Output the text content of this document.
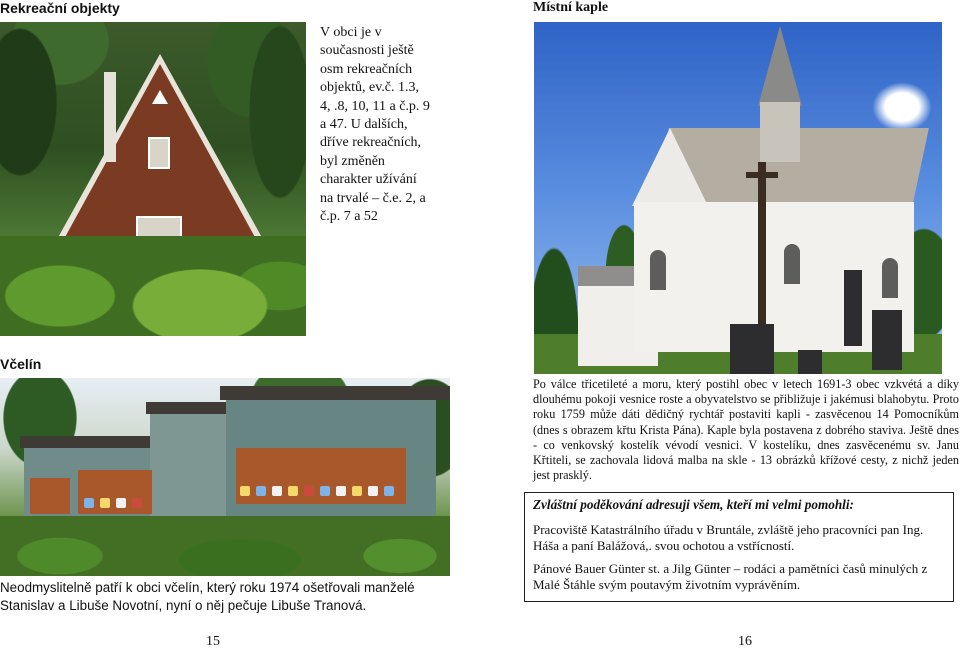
Rekreační objekty
V obci je v současnosti ještě osm rekreačních objektů, ev.č. 1.3, 4, .8, 10, 11 a č.p. 9 a 47. U dalších, dříve rekreačních, byl změněn charakter užívání na trvalé – č.e. 2, a č.p. 7 a 52
Včelín
Neodmyslitelně patří k obci včelín, který roku 1974 ošetřovali manželé Stanislav a Libuše Novotní, nyní o něj pečuje Libuše Tranová.
15
Místní kaple
Po válce třicetileté a moru, který postihl obec v letech 1691-3 obec vzkvétá a díky dlouhému pokoji vesnice roste a obyvatelstvo se přibližuje i jakémusi blahobytu. Proto roku 1759 může dáti dědičný rychtář postaviti kapli - zasvěcenou 14 Pomocníkům (dnes s obrazem křtu Krista Pána). Kaple byla postavena z dobrého staviva. Ještě dnes - co venkovský kostelík vévodí vesnici. V kostelíku, dnes zasvěcenému sv. Janu Křtiteli, se zachovala lidová malba na skle - 13 obrázků křížové cesty, z nichž jeden jest prasklý.

Zvláštní poděkování adresuji všem, kteří mi velmi pomohli:

Pracoviště Katastrálního úřadu v Bruntále, zvláště jeho pracovníci pan Ing. Háša a paní Balážová,. svou ochotou a vstřícností.

Pánové Bauer Günter st. a Jilg Günter – rodáci a pamětníci časů minulých z Malé Štáhle svým poutavým životním vyprávěním.

16
